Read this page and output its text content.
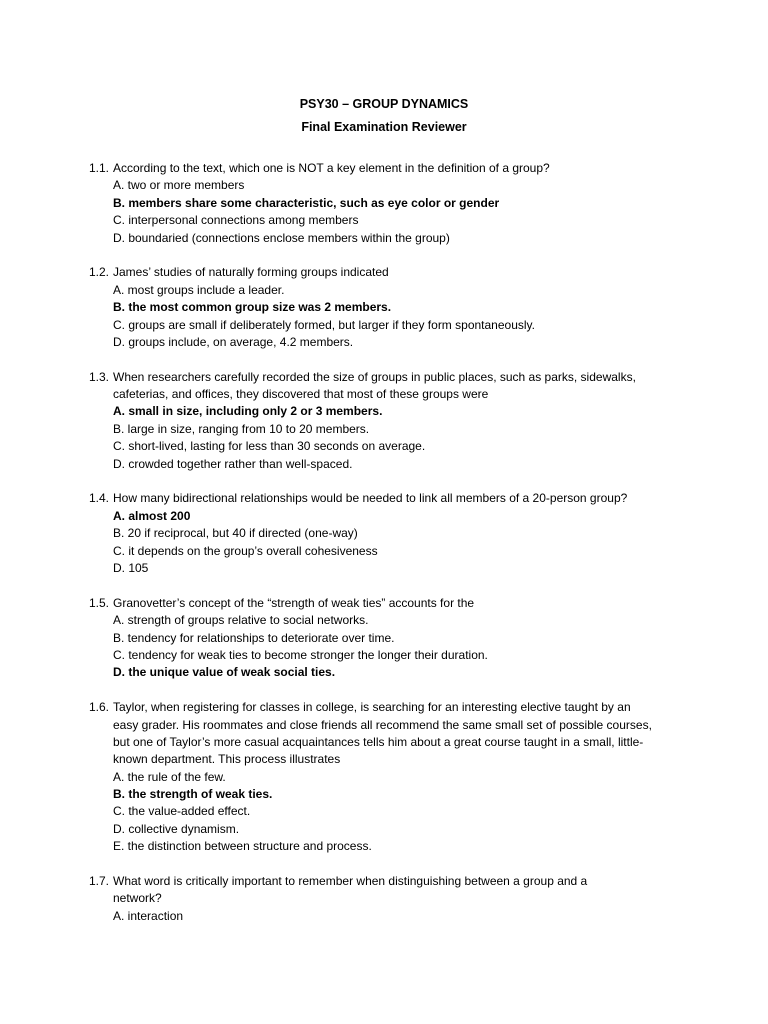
PSY30 – GROUP DYNAMICS
Final Examination Reviewer
1.1. According to the text, which one is NOT a key element in the definition of a group?
A. two or more members
B. members share some characteristic, such as eye color or gender
C. interpersonal connections among members
D. boundaried (connections enclose members within the group)
1.2. James’ studies of naturally forming groups indicated
A. most groups include a leader.
B. the most common group size was 2 members.
C. groups are small if deliberately formed, but larger if they form spontaneously.
D. groups include, on average, 4.2 members.
1.3. When researchers carefully recorded the size of groups in public places, such as parks, sidewalks,
cafeterias, and offices, they discovered that most of these groups were
A. small in size, including only 2 or 3 members.
B. large in size, ranging from 10 to 20 members.
C. short-lived, lasting for less than 30 seconds on average.
D. crowded together rather than well-spaced.
1.4. How many bidirectional relationships would be needed to link all members of a 20-person group?
A. almost 200
B. 20 if reciprocal, but 40 if directed (one-way)
C. it depends on the group’s overall cohesiveness
D. 105
1.5. Granovetter’s concept of the “strength of weak ties” accounts for the
A. strength of groups relative to social networks.
B. tendency for relationships to deteriorate over time.
C. tendency for weak ties to become stronger the longer their duration.
D. the unique value of weak social ties.
1.6. Taylor, when registering for classes in college, is searching for an interesting elective taught by an
easy grader. His roommates and close friends all recommend the same small set of possible courses,
but one of Taylor’s more casual acquaintances tells him about a great course taught in a small, little-
known department. This process illustrates
A. the rule of the few.
B. the strength of weak ties.
C. the value-added effect.
D. collective dynamism.
E. the distinction between structure and process.
1.7. What word is critically important to remember when distinguishing between a group and a
network?
A. interaction
